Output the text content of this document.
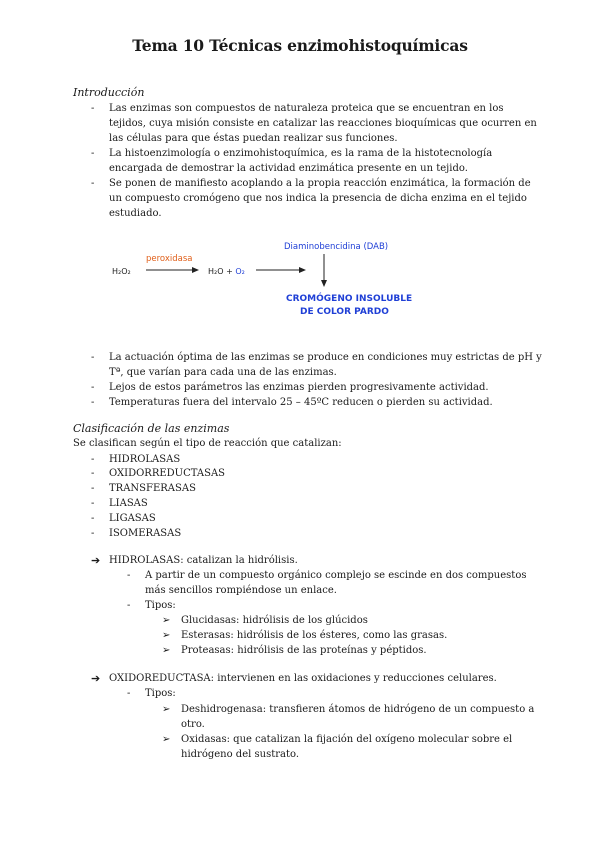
Tema 10 Técnicas enzimohistoquímicas
Introducción
- Las enzimas son compuestos de naturaleza proteica que se encuentran en los
tejidos, cuya misión consiste en catalizar las reacciones bioquímicas que ocurren en
las células para que éstas puedan realizar sus funciones.
- La histoenzimología o enzimohistoquímica, es la rama de la histotecnología
encargada de demostrar la actividad enzimática presente en un tejido.
- Se ponen de manifiesto acoplando a la propia reacción enzimática, la formación de
un compuesto cromógeno que nos indica la presencia de dicha enzima en el tejido
estudiado.
H₂O₂
peroxidasa
H₂O + O₂
Diaminobencidina (DAB)
CROMÓGENO INSOLUBLE
DE COLOR PARDO
- La actuación óptima de las enzimas se produce en condiciones muy estrictas de pH y
Tª, que varían para cada una de las enzimas.
- Lejos de estos parámetros las enzimas pierden progresivamente actividad.
- Temperaturas fuera del intervalo 25 – 45ºC reducen o pierden su actividad.
Clasificación de las enzimas
Se clasifican según el tipo de reacción que catalizan:
- HIDROLASAS
- OXIDORREDUCTASAS
- TRANSFERASAS
- LIASAS
- LIGASAS
- ISOMERASAS
➔ HIDROLASAS: catalizan la hidrólisis.
- A partir de un compuesto orgánico complejo se escinde en dos compuestos
más sencillos rompiéndose un enlace.
- Tipos:
➢ Glucidasas: hidrólisis de los glúcidos
➢ Esterasas: hidrólisis de los ésteres, como las grasas.
➢ Proteasas: hidrólisis de las proteínas y péptidos.
➔ OXIDOREDUCTASA: intervienen en las oxidaciones y reducciones celulares.
- Tipos:
➢ Deshidrogenasa: transfieren átomos de hidrógeno de un compuesto a
otro.
➢ Oxidasas: que catalizan la fijación del oxígeno molecular sobre el
hidrógeno del sustrato.
